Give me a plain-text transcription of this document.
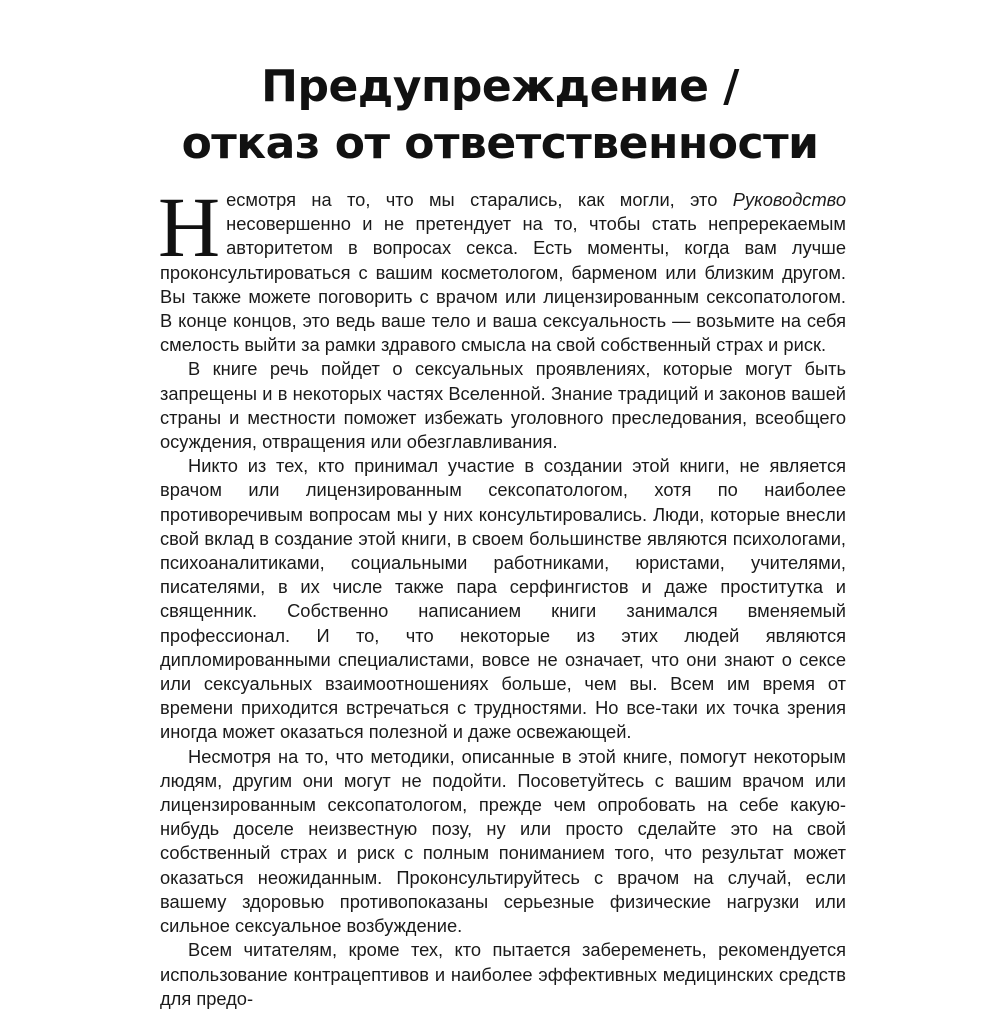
Предупреждение /
отказ от ответственности

Несмотря на то, что мы старались, как могли, это Руководство несовершенно и не претендует на то, чтобы стать непререкаемым авторитетом в вопросах секса. Есть моменты, когда вам лучше проконсультироваться с вашим косметологом, барменом или близким другом. Вы также можете поговорить с врачом или лицензированным сексопатологом. В конце концов, это ведь ваше тело и ваша сексуальность — возьмите на себя смелость выйти за рамки здравого смысла на свой собственный страх и риск.

В книге речь пойдет о сексуальных проявлениях, которые могут быть запрещены и в некоторых частях Вселенной. Знание традиций и законов вашей страны и местности поможет избежать уголовного преследования, всеобщего осуждения, отвращения или обезглавливания.

Никто из тех, кто принимал участие в создании этой книги, не является врачом или лицензированным сексопатологом, хотя по наиболее противоречивым вопросам мы у них консультировались. Люди, которые внесли свой вклад в создание этой книги, в своем большинстве являются психологами, психоаналитиками, социальными работниками, юристами, учителями, писателями, в их числе также пара серфингистов и даже проститутка и священник. Собственно написанием книги занимался вменяемый профессионал. И то, что некоторые из этих людей являются дипломированными специалистами, вовсе не означает, что они знают о сексе или сексуальных взаимоотношениях больше, чем вы. Всем им время от времени приходится встречаться с трудностями. Но все-таки их точка зрения иногда может оказаться полезной и даже освежающей.

Несмотря на то, что методики, описанные в этой книге, помогут некоторым людям, другим они могут не подойти. Посоветуйтесь с вашим врачом или лицензированным сексопатологом, прежде чем опробовать на себе какую-нибудь доселе неизвестную позу, ну или просто сделайте это на свой собственный страх и риск с полным пониманием того, что результат может оказаться неожиданным. Проконсультируйтесь с врачом на случай, если вашему здоровью противопоказаны серьезные физические нагрузки или сильное сексуальное возбуждение.

Всем читателям, кроме тех, кто пытается забеременеть, рекомендуется использование контрацептивов и наиболее эффективных медицинских средств для предо-
